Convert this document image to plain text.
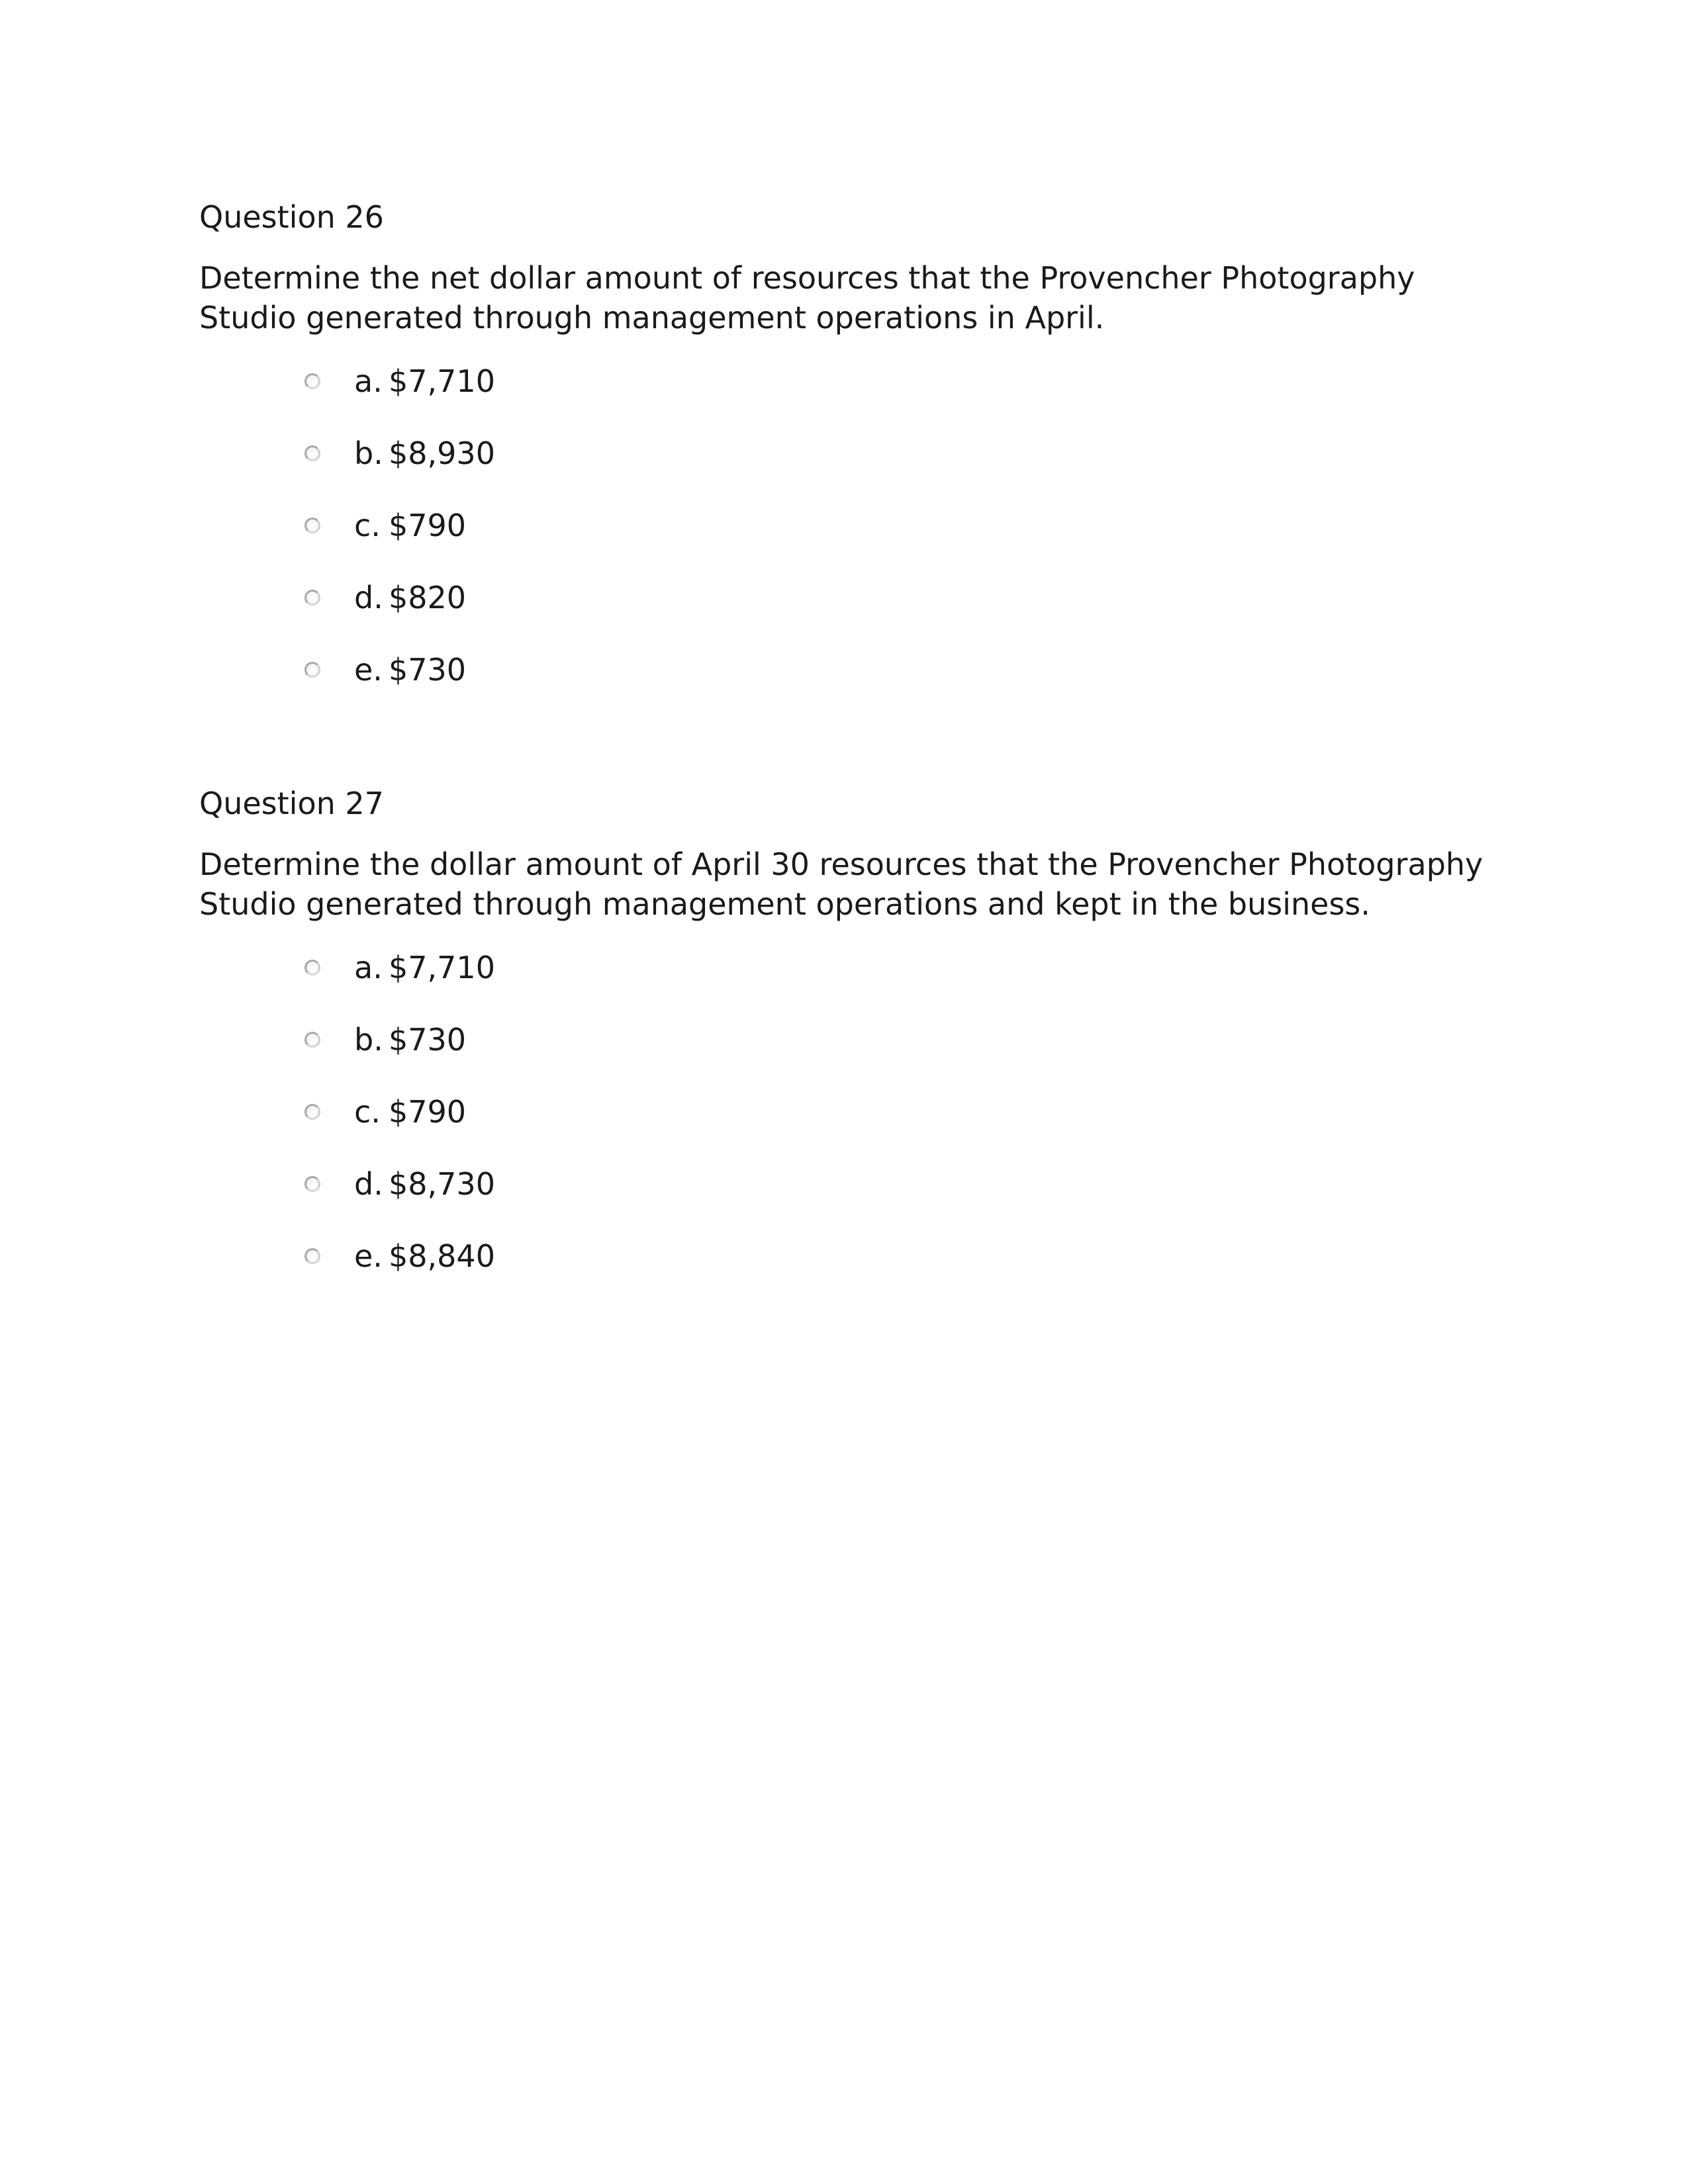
Question 26

Determine the net dollar amount of resources that the Provencher Photography
Studio generated through management operations in April.

a. $7,710
b. $8,930
c. $790
d. $820
e. $730
Question 27

Determine the dollar amount of April 30 resources that the Provencher Photography
Studio generated through management operations and kept in the business.

a. $7,710
b. $730
c. $790
d. $8,730
e. $8,840
